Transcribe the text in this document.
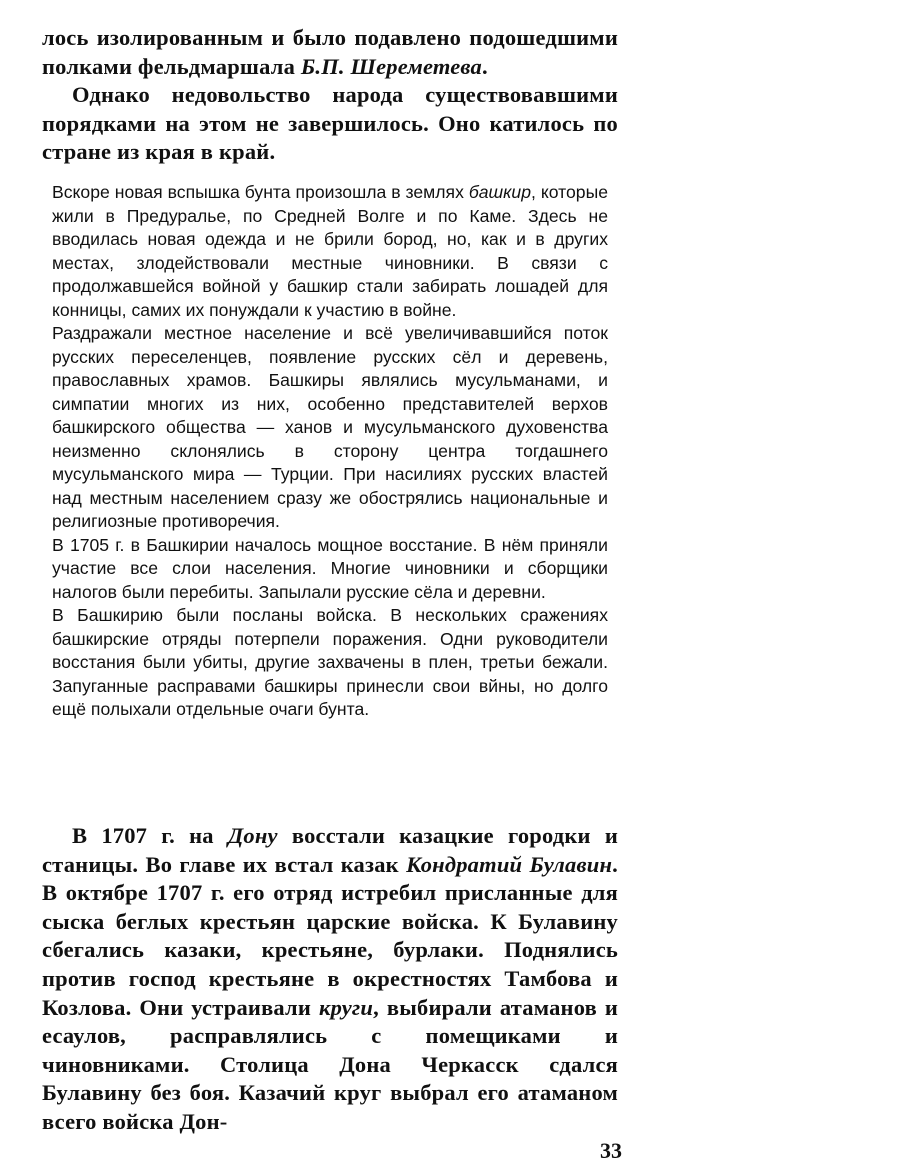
лось изолированным и было подавлено подошедшими полками фельдмаршала Б.П. Шереметева.

Однако недовольство народа существовавшими порядками на этом не завершилось. Оно катилось по стране из края в край.

Вскоре новая вспышка бунта произошла в землях башкир, которые жили в Предуралье, по Средней Волге и по Каме. Здесь не вводилась новая одежда и не брили бород, но, как и в других местах, злодействовали местные чиновники. В связи с продолжавшейся войной у башкир стали забирать лошадей для конницы, самих их понуждали к участию в войне.

Раздражали местное население и всё увеличивавшийся поток русских переселенцев, появление русских сёл и деревень, православных храмов. Башкиры являлись мусульманами, и симпатии многих из них, особенно представителей верхов башкирского общества — ханов и мусульманского духовенства неизменно склонялись в сторону центра тогдашнего мусульманского мира — Турции. При насилиях русских властей над местным населением сразу же обострялись национальные и религиозные противоречия.

В 1705 г. в Башкирии началось мощное восстание. В нём приняли участие все слои населения. Многие чиновники и сборщики налогов были перебиты. Запылали русские сёла и деревни.

В Башкирию были посланы войска. В нескольких сражениях башкирские отряды потерпели поражения. Одни руководители восстания были убиты, другие захвачены в плен, третьи бежали. Запуганные расправами башкиры принесли свои вйны, но долго ещё полыхали отдельные очаги бунта.

В 1707 г. на Дону восстали казацкие городки и станицы. Во главе их встал казак Кондратий Булавин. В октябре 1707 г. его отряд истребил присланные для сыска беглых крестьян царские войска. К Булавину сбегались казаки, крестьяне, бурлаки. Поднялись против господ крестьяне в окрестностях Тамбова и Козлова. Они устраивали круги, выбирали атаманов и есаулов, расправлялись с помещиками и чиновниками. Столица Дона Черкасск сдался Булавину без боя. Казачий круг выбрал его атаманом всего войска Дон-

33
